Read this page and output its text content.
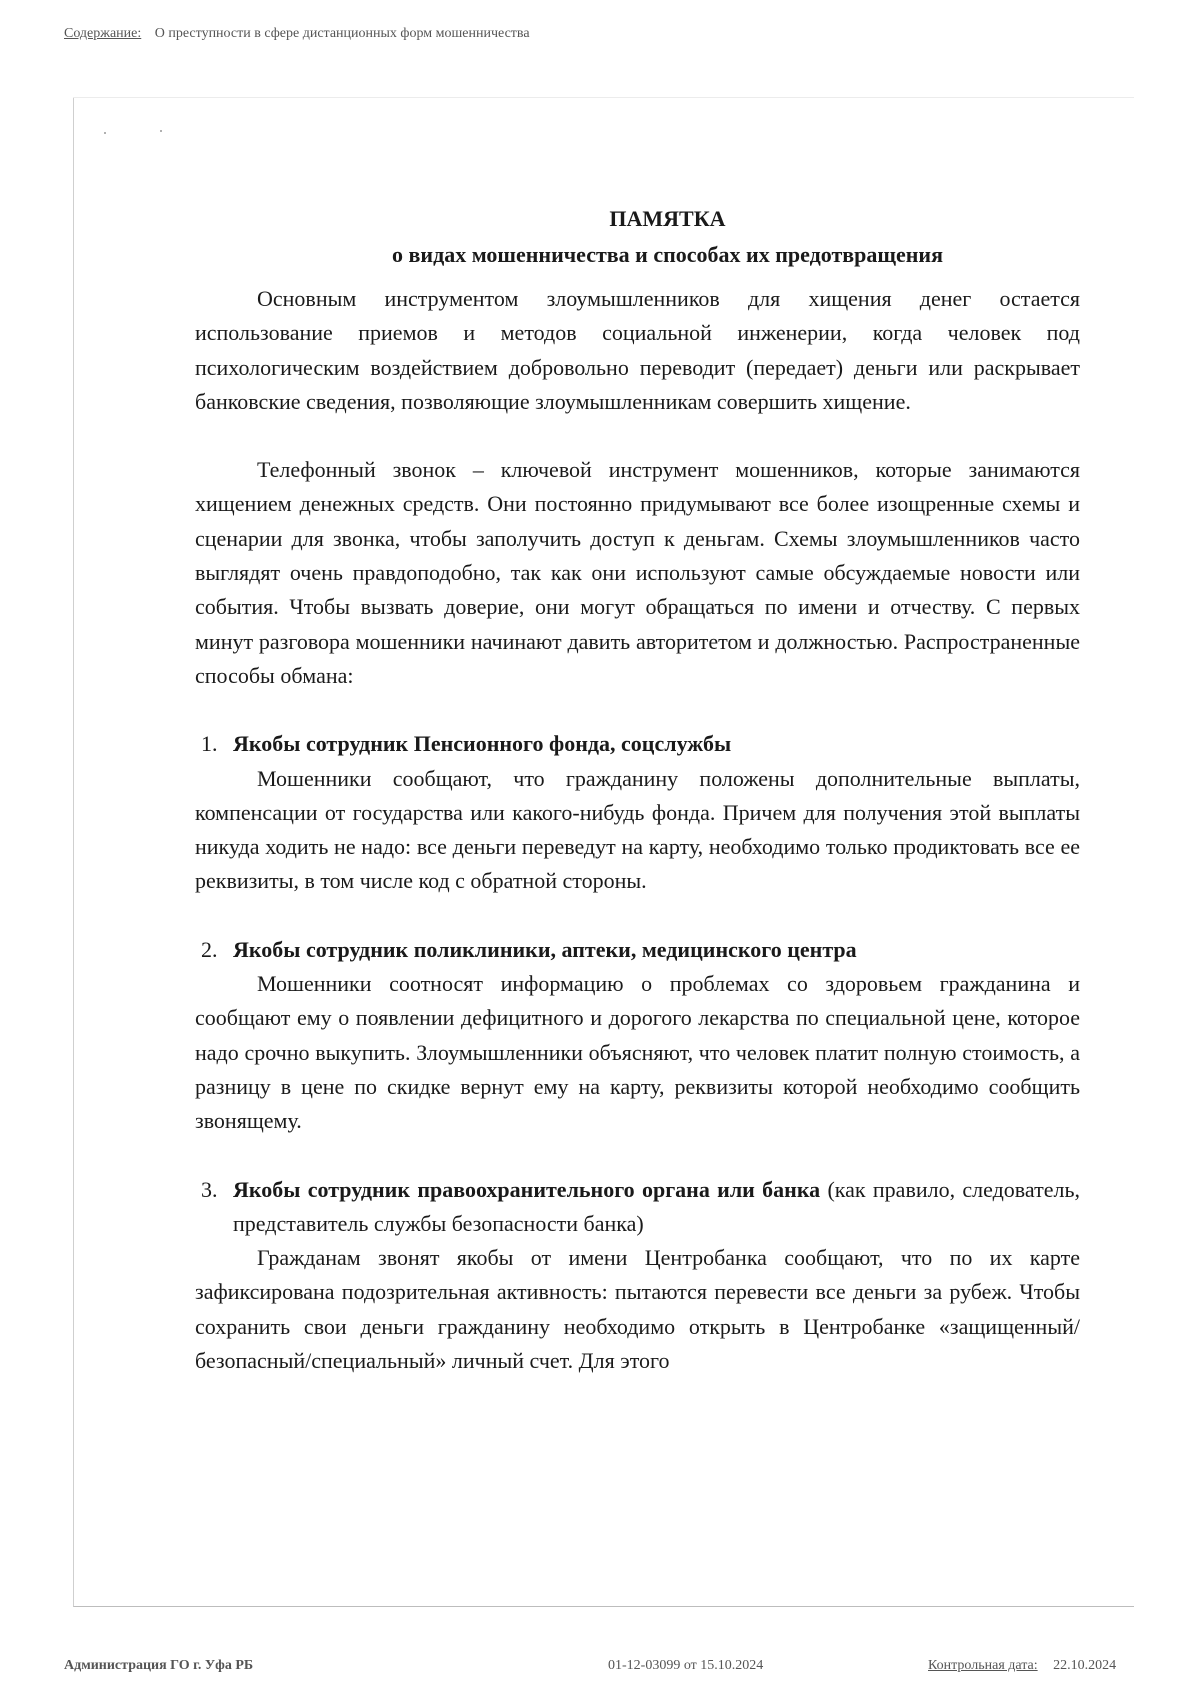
Содержание: О преступности в сфере дистанционных форм мошенничества
ПАМЯТКА
о видах мошенничества и способах их предотвращения

Основным инструментом злоумышленников для хищения денег остается использование приемов и методов социальной инженерии, когда человек под психологическим воздействием добровольно переводит (передает) деньги или раскрывает банковские сведения, позволяющие злоумышленникам совершить хищение.

Телефонный звонок – ключевой инструмент мошенников, которые занимаются хищением денежных средств. Они постоянно придумывают все более изощренные схемы и сценарии для звонка, чтобы заполучить доступ к деньгам. Схемы злоумышленников часто выглядят очень правдоподобно, так как они используют самые обсуждаемые новости или события. Чтобы вызвать доверие, они могут обращаться по имени и отчеству. С первых минут разговора мошенники начинают давить авторитетом и должностью. Распространенные способы обмана:

1. Якобы сотрудник Пенсионного фонда, соцслужбы

Мошенники сообщают, что гражданину положены дополнительные выплаты, компенсации от государства или какого-нибудь фонда. Причем для получения этой выплаты никуда ходить не надо: все деньги переведут на карту, необходимо только продиктовать все ее реквизиты, в том числе код с обратной стороны.

2. Якобы сотрудник поликлиники, аптеки, медицинского центра

Мошенники соотносят информацию о проблемах со здоровьем гражданина и сообщают ему о появлении дефицитного и дорогого лекарства по специальной цене, которое надо срочно выкупить. Злоумышленники объясняют, что человек платит полную стоимость, а разницу в цене по скидке вернут ему на карту, реквизиты которой необходимо сообщить звонящему.

3. Якобы сотрудник правоохранительного органа или банка (как правило, следователь, представитель службы безопасности банка)

Гражданам звонят якобы от имени Центробанка сообщают, что по их карте зафиксирована подозрительная активность: пытаются перевести все деньги за рубеж. Чтобы сохранить свои деньги гражданину необходимо открыть в Центробанке «защищенный/безопасный/специальный» личный счет. Для этого

Администрация ГО г. Уфа РБ	01-12-03099 от 15.10.2024	Контрольная дата: 22.10.2024
